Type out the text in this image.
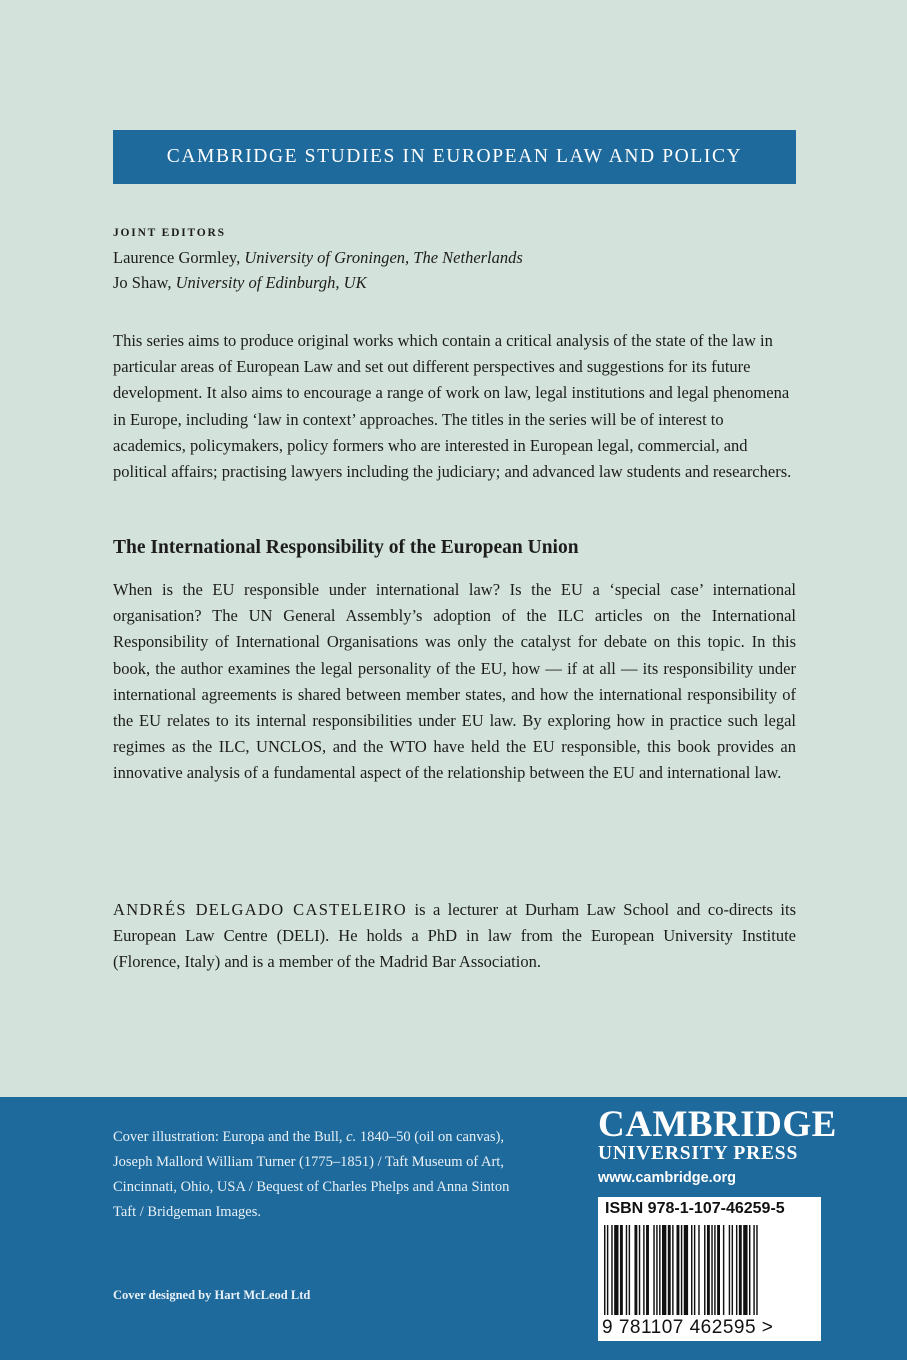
CAMBRIDGE STUDIES IN EUROPEAN LAW AND POLICY
JOINT EDITORS
Laurence Gormley, University of Groningen, The Netherlands
Jo Shaw, University of Edinburgh, UK

This series aims to produce original works which contain a critical analysis of the state of the law in particular areas of European Law and set out different perspectives and suggestions for its future development. It also aims to encourage a range of work on law, legal institutions and legal phenomena in Europe, including ‘law in context’ approaches. The titles in the series will be of interest to academics, policymakers, policy formers who are interested in European legal, commercial, and political affairs; practising lawyers including the judiciary; and advanced law students and researchers.

The International Responsibility of the European Union

When is the EU responsible under international law? Is the EU a ‘special case’ international organisation? The UN General Assembly’s adoption of the ILC articles on the International Responsibility of International Organisations was only the catalyst for debate on this topic. In this book, the author examines the legal personality of the EU, how — if at all — its responsibility under international agreements is shared between member states, and how the international responsibility of the EU relates to its internal responsibilities under EU law. By exploring how in practice such legal regimes as the ILC, UNCLOS, and the WTO have held the EU responsible, this book provides an innovative analysis of a fundamental aspect of the relationship between the EU and international law.

ANDRÉS DELGADO CASTELEIRO is a lecturer at Durham Law School and co-directs its European Law Centre (DELI). He holds a PhD in law from the European University Institute (Florence, Italy) and is a member of the Madrid Bar Association.

Cover illustration: Europa and the Bull, c. 1840–50 (oil on canvas), Joseph Mallord William Turner (1775–1851) / Taft Museum of Art, Cincinnati, Ohio, USA / Bequest of Charles Phelps and Anna Sinton Taft / Bridgeman Images.
Cover designed by Hart McLeod Ltd
CAMBRIDGE
UNIVERSITY PRESS
www.cambridge.org
ISBN 978-1-107-46259-5
9 781107 462595 >
